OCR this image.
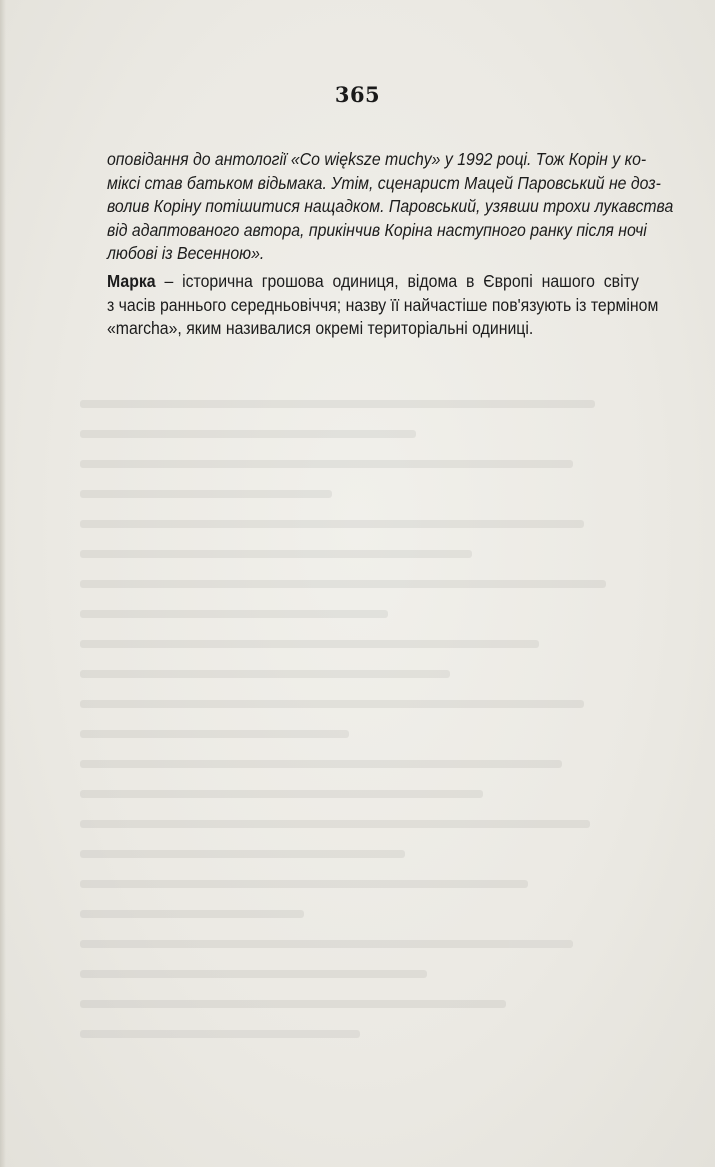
365

оповідання до антології «Co większe muchy» у 1992 році. Тож Корін у ко-
міксі став батьком відьмака. Утім, сценарист Мацей Паровський не доз-
волив Коріну потішитися нащадком. Паровський, узявши трохи лукавства
від адаптованого автора, прикінчив Коріна наступного ранку після ночі
любові із Весенною».

Марка – історична грошова одиниця, відома в Європі нашого світу
з часів раннього середньовіччя; назву її найчастіше пов'язують із терміном
«marcha», яким називалися окремі територіальні одиниці.
